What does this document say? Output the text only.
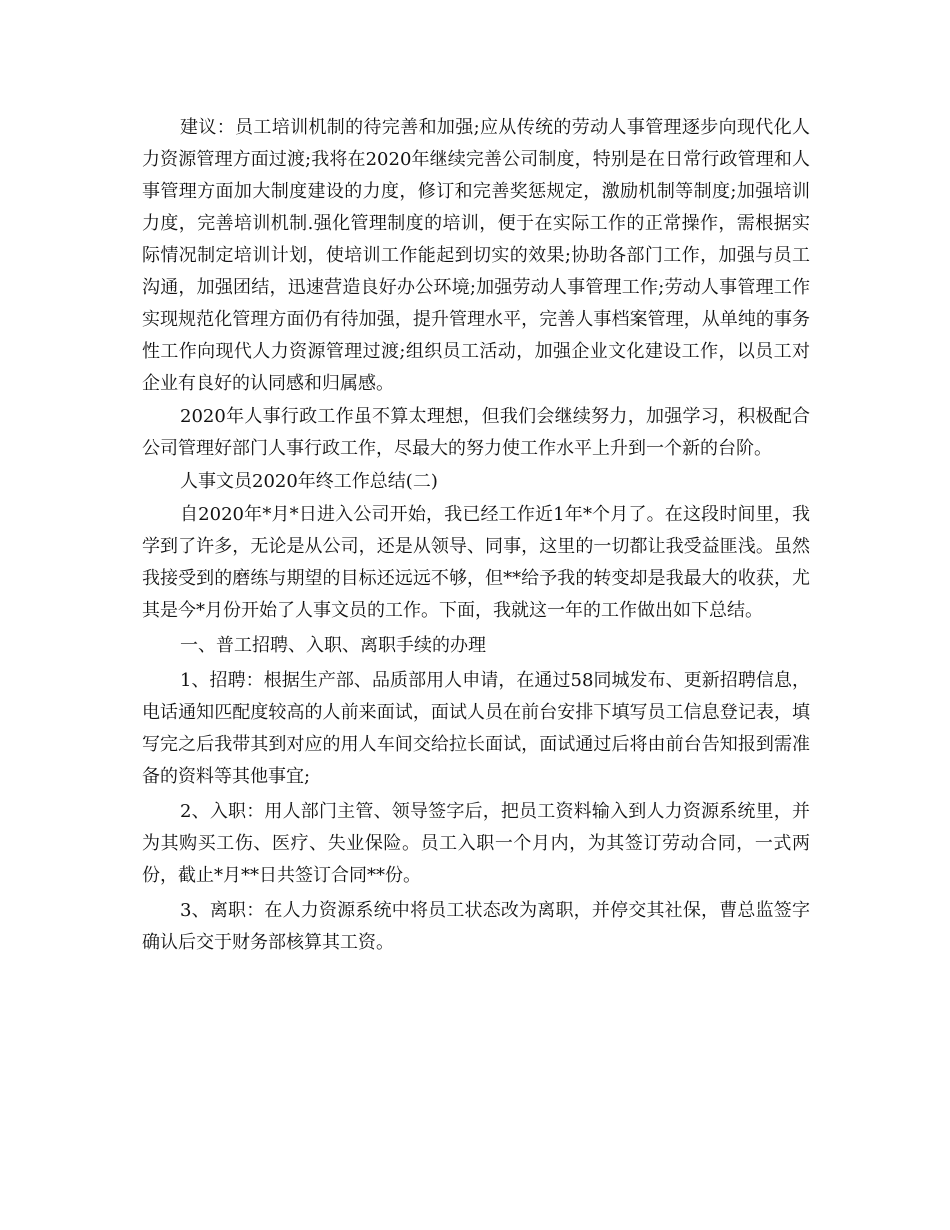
建议：员工培训机制的待完善和加强;应从传统的劳动人事管理逐步向现代化人力资源管理方面过渡;我将在2020年继续完善公司制度，特别是在日常行政管理和人事管理方面加大制度建设的力度，修订和完善奖惩规定，激励机制等制度;加强培训力度，完善培训机制.强化管理制度的培训，便于在实际工作的正常操作，需根据实际情况制定培训计划，使培训工作能起到切实的效果;协助各部门工作，加强与员工沟通，加强团结，迅速营造良好办公环境;加强劳动人事管理工作;劳动人事管理工作实现规范化管理方面仍有待加强，提升管理水平，完善人事档案管理，从单纯的事务性工作向现代人力资源管理过渡;组织员工活动，加强企业文化建设工作，以员工对企业有良好的认同感和归属感。

2020年人事行政工作虽不算太理想，但我们会继续努力，加强学习，积极配合公司管理好部门人事行政工作，尽最大的努力使工作水平上升到一个新的台阶。

人事文员2020年终工作总结(二)

自2020年*月*日进入公司开始，我已经工作近1年*个月了。在这段时间里，我学到了许多，无论是从公司，还是从领导、同事，这里的一切都让我受益匪浅。虽然我接受到的磨练与期望的目标还远远不够，但**给予我的转变却是我最大的收获，尤其是今*月份开始了人事文员的工作。下面，我就这一年的工作做出如下总结。

一、普工招聘、入职、离职手续的办理

1、招聘：根据生产部、品质部用人申请，在通过58同城发布、更新招聘信息，电话通知匹配度较高的人前来面试，面试人员在前台安排下填写员工信息登记表，填写完之后我带其到对应的用人车间交给拉长面试，面试通过后将由前台告知报到需准备的资料等其他事宜;

2、入职：用人部门主管、领导签字后，把员工资料输入到人力资源系统里，并为其购买工伤、医疗、失业保险。员工入职一个月内，为其签订劳动合同，一式两份，截止*月**日共签订合同**份。

3、离职：在人力资源系统中将员工状态改为离职，并停交其社保，曹总监签字确认后交于财务部核算其工资。
